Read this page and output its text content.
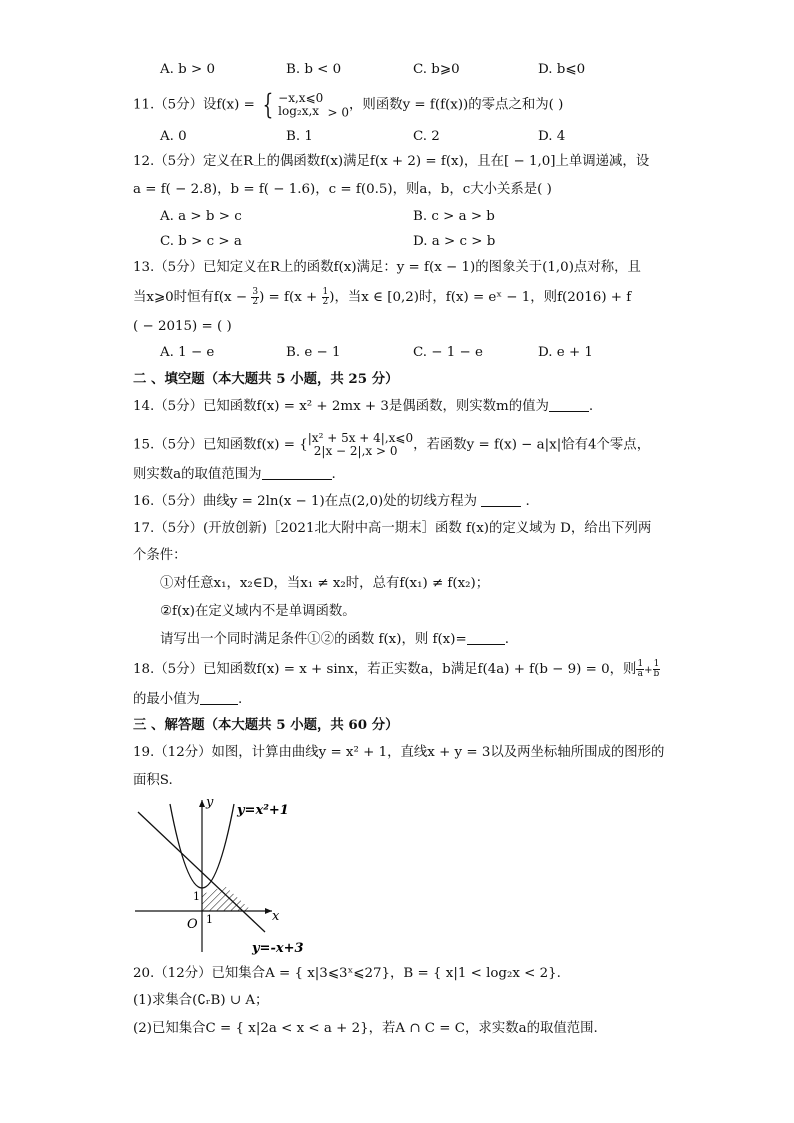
A. b > 0	B. b < 0	C. b⩾0	D. b⩽0
11.（5分）设f(x) = { −x,x⩽0
log₂x,x > 0，则函数y = f(f(x))的零点之和为( )
A. 0	B. 1	C. 2	D. 4
12.（5分）定义在R上的偶函数f(x)满足f(x + 2) = f(x)，且在[ − 1,0]上单调递减，设
a = f( − 2.8)，b = f( − 1.6)，c = f(0.5)，则a，b，c大小关系是( )
A. a > b > c	B. c > a > b
C. b > c > a	D. a > c > b
13.（5分）已知定义在R上的函数f(x)满足：y = f(x − 1)的图象关于(1,0)点对称，且
当x⩾0时恒有$f(x - \frac{3}{2}$ ) = $f(x + \frac{1}{2}$ )，当x ∈ [0,2)时，f(x) = eˣ − 1，则f(2016) + f
( − 2015) = ( )
A. 1 − e	B. e − 1	C. − 1 − e	D. e + 1
二 、填空题（本大题共 5 小题，共 25 分）
14.（5分）已知函数f(x) = x² + 2mx + 3是偶函数，则实数m的值为	.
15.（5分）已知函数f(x) = { |x² + 5x + 4|,x⩽0
2|x − 2|,x > 0	，若函数y = f(x) − a|x|恰有4个零点，
则实数a的取值范围为	.
16.（5分）曲线y = 2ln(x − 1)在点(2,0)处的切线方程为	.
17.（5分）(开放创新)［2021北大附中高一期末］函数 f(x)的定义域为 D，给出下列两
个条件：
①对任意x₁，x₂∈D，当x₁ ≠ x₂时，总有f(x₁) ≠ f(x₂)；
②f(x)在定义域内不是单调函数。
请写出一个同时满足条件①②的函数 f(x)，则 f(x)=	.
18.（5分）已知函数f(x) = x + sinx，若正实数a，b满足f(4a) + f(b − 9) = 0，则 $\frac{1}{a} + \frac{1}{b}$
的最小值为	.
三 、解答题（本大题共 5 小题，共 60 分）
19.（12分）如图，计算由曲线y = x² + 1，直线x + y = 3以及两坐标轴所围成的图形的
面积S.
y
x
O 1
1
y=x²+1
y=-x+3
20.（12分）已知集合A = { x|3⩽3ˣ⩽27}，B = { x|1 < log₂x < 2}.
(1)求集合(∁ᵣB) ∪ A；
(2)已知集合C = { x|2a < x < a + 2}，若A ∩ C = C，求实数a的取值范围.
